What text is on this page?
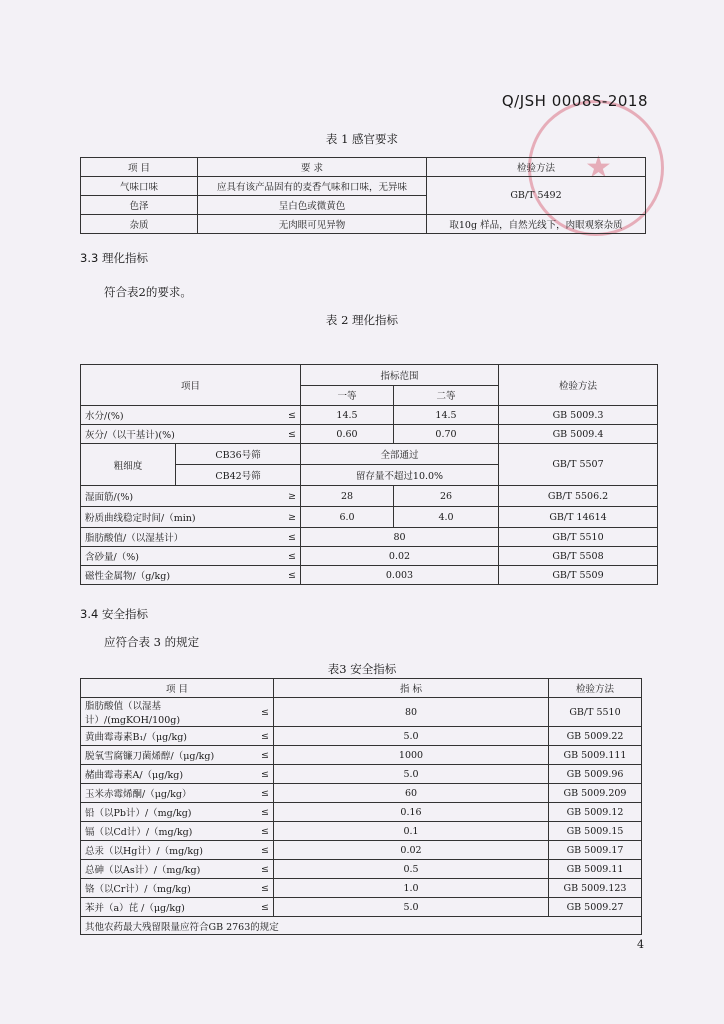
★
Q/JSH 0008S-2018
表 1 感官要求
项 目	要 求	检验方法
气味口味	应具有该产品固有的麦香气味和口味，无异味	GB/T 5492
色泽	呈白色或微黄色	
杂质	无肉眼可见异物	取10g 样品，自然光线下，肉眼观察杂质
3.3 理化指标
符合表2的要求。
表 2 理化指标
项目			指标范围		检验方法
			一等	二等	
水分/(%)		≤	14.5	14.5	GB 5009.3
灰分/（以干基计)(%)		≤	0.60	0.70	GB 5009.4
粗细度	CB36号筛		全部通过		GB/T 5507
	CB42号筛		留存量不超过10.0%		
湿面筋/(%)		≥	28	26	GB/T 5506.2
粉质曲线稳定时间/（min)		≥	6.0	4.0	GB/T 14614
脂肪酸值/（以湿基计）		≤	80		GB/T 5510
含砂量/（%)		≤	0.02		GB/T 5508
磁性金属物/（g/kg)		≤	0.003		GB/T 5509
3.4 安全指标
应符合表 3 的规定
表3 安全指标
项 目		指 标	检验方法
脂肪酸值（以湿基计）/(mgKOH/100g)	≤	80	GB/T 5510
黄曲霉毒素B₁/（μg/kg)	≤	5.0	GB 5009.22
脱氧雪腐镰刀菌烯醇/（μg/kg)	≤	1000	GB 5009.111
赭曲霉毒素A/（μg/kg)	≤	5.0	GB 5009.96
玉米赤霉烯酮/（μg/kg）	≤	60	GB 5009.209
铅（以Pb计）/（mg/kg)	≤	0.16	GB 5009.12
镉（以Cd计）/（mg/kg)	≤	0.1	GB 5009.15
总汞（以Hg计）/（mg/kg)	≤	0.02	GB 5009.17
总砷（以As计）/（mg/kg)	≤	0.5	GB 5009.11
铬（以Cr计）/（mg/kg)	≤	1.0	GB 5009.123
苯并（a）芘 /（μg/kg)	≤	5.0	GB 5009.27
其他农药最大残留限量应符合GB 2763的规定			
4
